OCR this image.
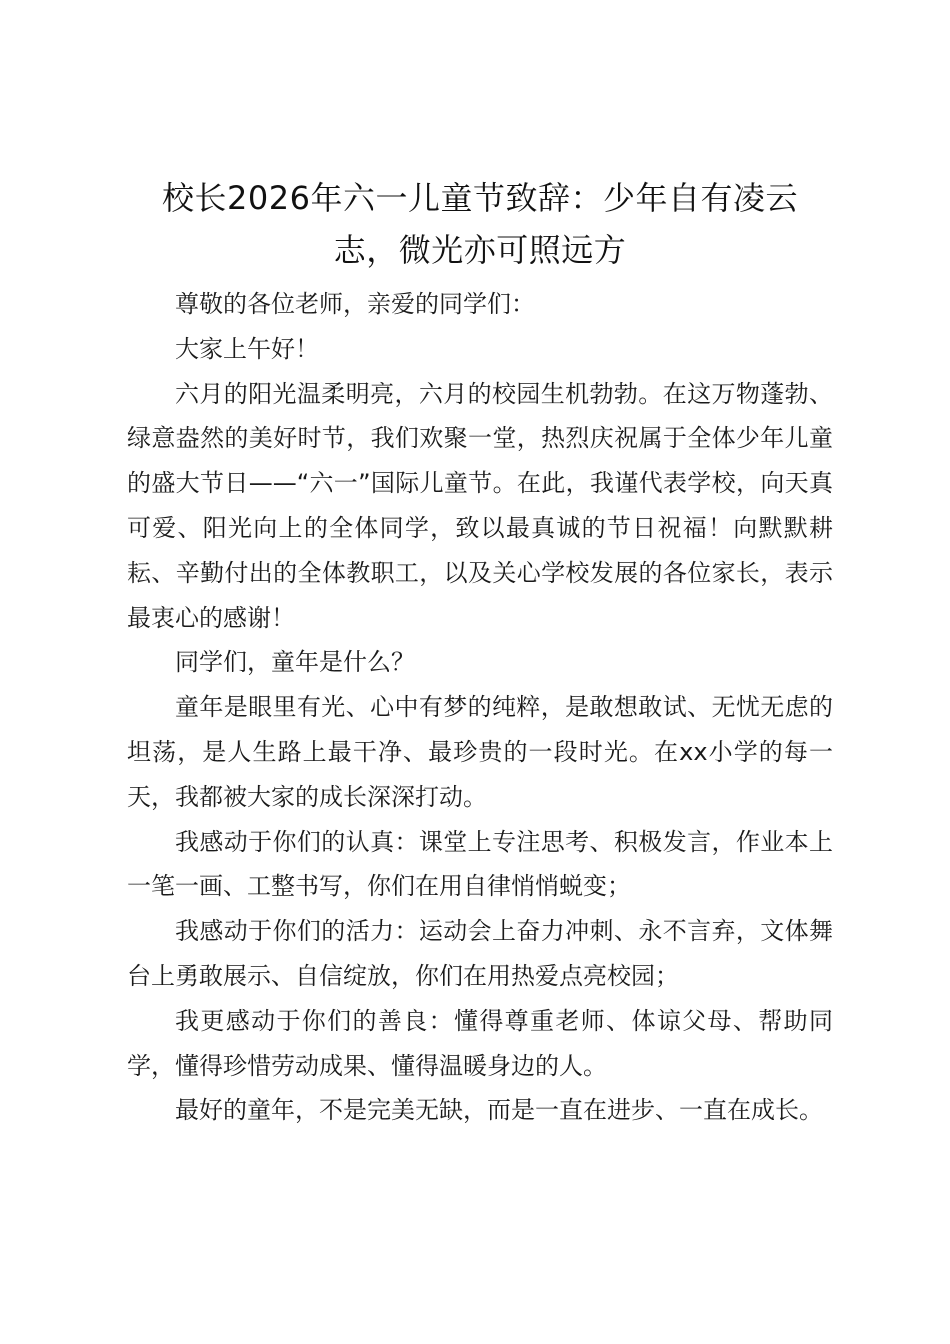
校长2026年六一儿童节致辞：少年自有凌云
志，微光亦可照远方

尊敬的各位老师，亲爱的同学们：

大家上午好！

六月的阳光温柔明亮，六月的校园生机勃勃。在这万物蓬勃、绿意盎然的美好时节，我们欢聚一堂，热烈庆祝属于全体少年儿童的盛大节日——“六一”国际儿童节。在此，我谨代表学校，向天真可爱、阳光向上的全体同学，致以最真诚的节日祝福！向默默耕耘、辛勤付出的全体教职工，以及关心学校发展的各位家长，表示最衷心的感谢！

同学们，童年是什么？

童年是眼里有光、心中有梦的纯粹，是敢想敢试、无忧无虑的坦荡，是人生路上最干净、最珍贵的一段时光。在xx小学的每一天，我都被大家的成长深深打动。

我感动于你们的认真：课堂上专注思考、积极发言，作业本上一笔一画、工整书写，你们在用自律悄悄蜕变；

我感动于你们的活力：运动会上奋力冲刺、永不言弃，文体舞台上勇敢展示、自信绽放，你们在用热爱点亮校园；

我更感动于你们的善良：懂得尊重老师、体谅父母、帮助同学，懂得珍惜劳动成果、懂得温暖身边的人。

最好的童年，不是完美无缺，而是一直在进步、一直在成长。
